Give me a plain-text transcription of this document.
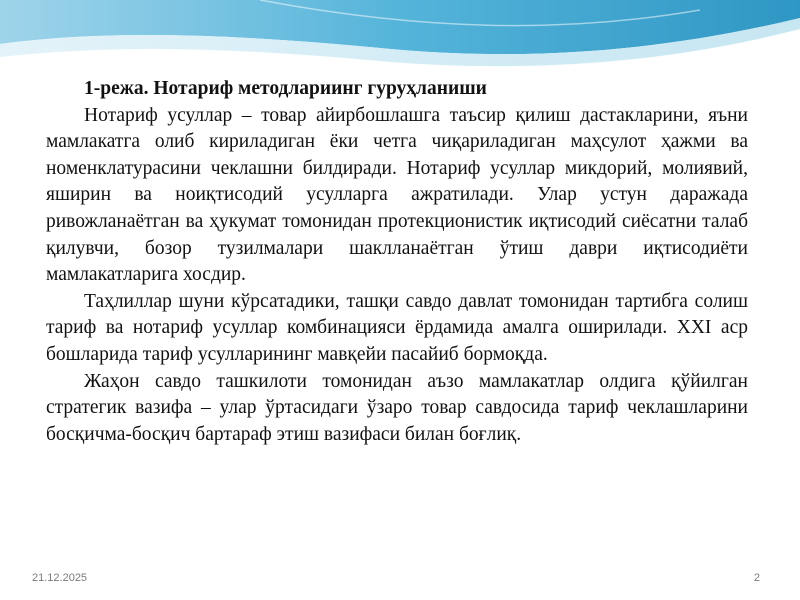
1-режа. Нотариф методлариинг гуруҳланиши

Нотариф усуллар – товар айирбошлашга таъсир қилиш дастакларини, яъни мамлакатга олиб кириладиган ёки четга чиқариладиган маҳсулот ҳажми ва номенклатурасини чеклашни билдиради. Нотариф усуллар микдорий, молиявий, яширин ва ноиқтисодий усулларга ажратилади. Улар устун даражада ривожланаётган ва ҳукумат томонидан протекционистик иқтисодий сиёсатни талаб қилувчи, бозор тузилмалари шаклланаётган ўтиш даври иқтисодиёти мамлакатларига хосдир.

Таҳлиллар шуни кўрсатадики, ташқи савдо давлат томонидан тартибга солиш тариф ва нотариф усуллар комбинацияси ёрдамида амалга оширилади. XXI аср бошларида тариф усулларининг мавқейи пасайиб бормоқда.

Жаҳон савдо ташкилоти томонидан аъзо мамлакатлар олдига қўйилган стратегик вазифа – улар ўртасидаги ўзаро товар савдосида тариф чеклашларини босқичма-босқич бартараф этиш вазифаси билан боғлиқ.

21.12.2025	2
